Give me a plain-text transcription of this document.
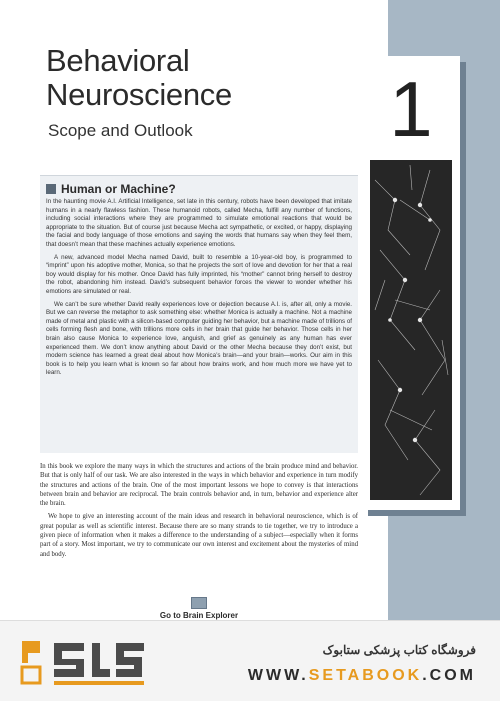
Behavioral
Neuroscience
Scope and Outlook	1
Human or Machine?

In the haunting movie A.I. Artificial Intelligence, set late in this century, robots have been developed that imitate humans in a nearly flawless fashion. These humanoid robots, called Mecha, fulfill any number of functions, including social interactions where they are programmed to simulate emotional reactions that would be appropriate to the situation. But of course just because Mecha act sympathetic, or excited, or happy, displaying the facial and body language of those emotions and saying the words that humans say when they feel them, that doesn’t mean that these machines actually experience emotions.

A new, advanced model Mecha named David, built to resemble a 10-year-old boy, is programmed to “imprint” upon his adoptive mother, Monica, so that he projects the sort of love and devotion for her that a real boy would display for his mother. Once David has fully imprinted, his “mother” cannot bring herself to destroy the robot, abandoning him instead. David’s subsequent behavior forces the viewer to wonder whether his emotions are simulated or real.

We can’t be sure whether David really experiences love or dejection because A.I. is, after all, only a movie. But we can reverse the metaphor to ask something else: whether Monica is actually a machine. Not a machine made of metal and plastic with a silicon-based computer guiding her behavior, but a machine made of trillions of cells forming flesh and bone, with trillions more cells in her brain that guide her behavior. Those cells in her brain also cause Monica to experience love, anguish, and grief as genuinely as any human has ever experienced them. We don’t know anything about David or the other Mecha because they don’t exist, but modern science has learned a great deal about how Monica’s brain—and your brain—works. Our aim in this book is to help you learn what is known so far about how brains work, and how much more we have yet to learn.

In this book we explore the many ways in which the structures and actions of the brain produce mind and behavior. But that is only half of our task. We are also interested in the ways in which behavior and experience in turn modify the structures and actions of the brain. One of the most important lessons we hope to convey is that interactions between brain and behavior are reciprocal. The brain controls behavior and, in turn, behavior and experience alter the brain.

We hope to give an interesting account of the main ideas and research in behavioral neuroscience, which is of great popular as well as scientific interest. Because there are so many strands to tie together, we try to introduce a given piece of information when it makes a difference to the understanding of a subject—especially when it forms part of a story. Most important, we try to communicate our own interest and excitement about the mysteries of mind and body.

Go to Brain Explorer
فروشگاه کتاب پزشکی ستابوک
WWW.SETABOOK.COM
